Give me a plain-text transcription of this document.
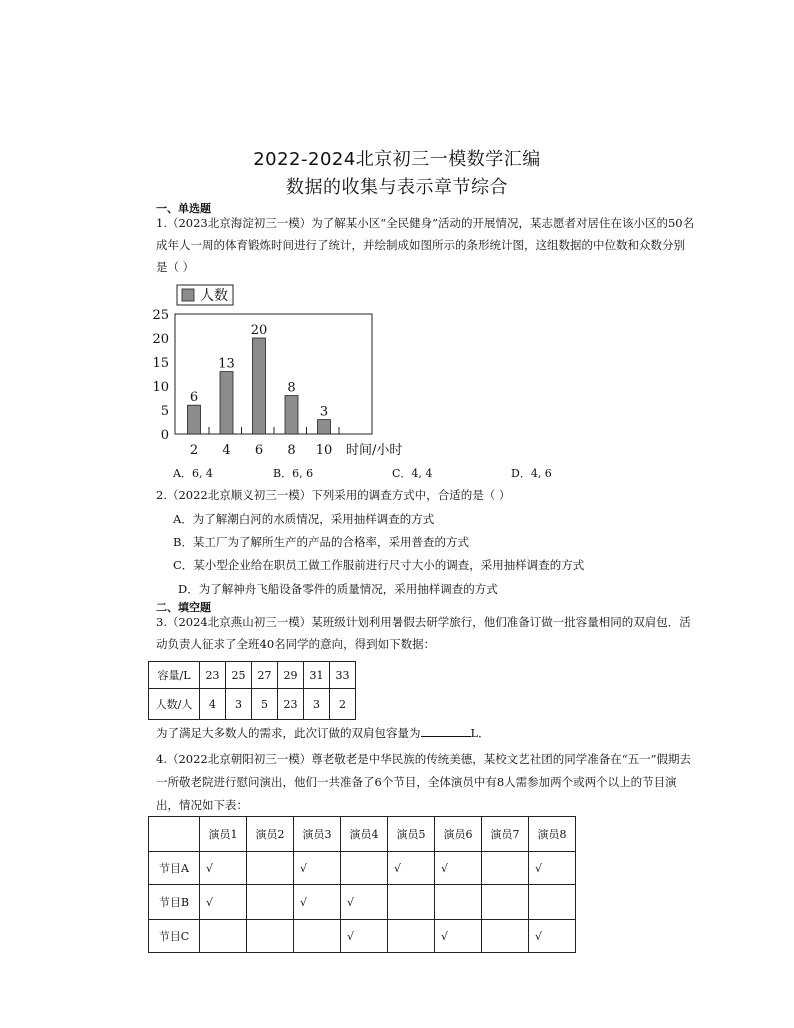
2022-2024北京初三一模数学汇编
数据的收集与表示章节综合
一、单选题
1.（2023北京海淀初三一模）为了解某小区“全民健身”活动的开展情况，某志愿者对居住在该小区的50名
成年人一周的体育锻炼时间进行了统计，并绘制成如图所示的条形统计图，这组数据的中位数和众数分别
是（ ）
人数
0
5
10
15
20
25
6
2
13
4
20
6
8
8
3
10 时间/小时
A．6, 4	B．6, 6	C．4, 4	D．4, 6
2.（2022北京顺义初三一模）下列采用的调查方式中，合适的是（ ）
A．为了解潮白河的水质情况，采用抽样调查的方式
B．某工厂为了解所生产的产品的合格率，采用普查的方式
C．某小型企业给在职员工做工作服前进行尺寸大小的调查，采用抽样调查的方式
D．为了解神舟飞船设备零件的质量情况，采用抽样调查的方式
二、填空题
3.（2024北京燕山初三一模）某班级计划利用暑假去研学旅行，他们准备订做一批容量相同的双肩包．活
动负责人征求了全班40名同学的意向，得到如下数据：
容量/L	23	25	27	29	31	33
人数/人	4	3	5	23	3	2
为了满足大多数人的需求，此次订做的双肩包容量为	L．
4.（2022北京朝阳初三一模）尊老敬老是中华民族的传统美德，某校文艺社团的同学准备在“五一”假期去
一所敬老院进行慰问演出，他们一共准备了6个节目，全体演员中有8人需参加两个或两个以上的节目演
出，情况如下表：
	演员1	演员2	演员3	演员4	演员5	演员6	演员7	演员8
节目A	√		√		√	√		√
节目B	√		√	√				
节目C				√		√		√
